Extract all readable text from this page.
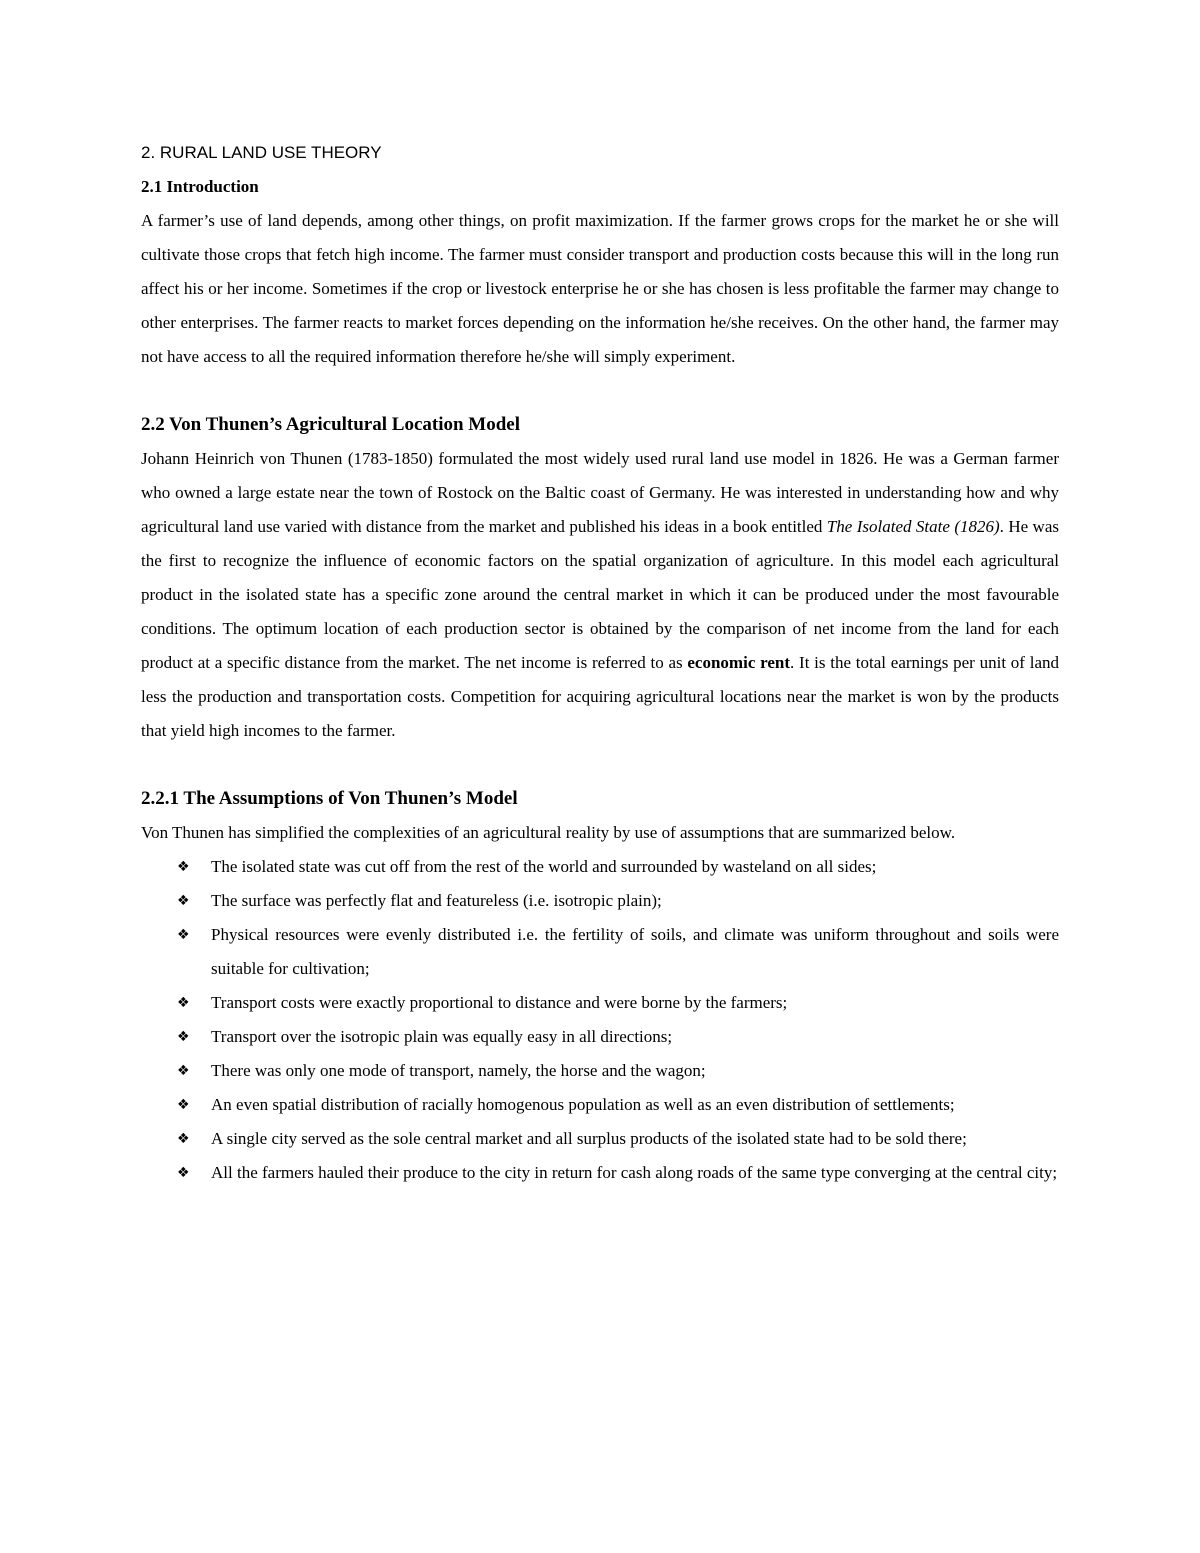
2. RURAL LAND USE THEORY

2.1 Introduction

A farmer’s use of land depends, among other things, on profit maximization. If the farmer grows crops for the market he or she will cultivate those crops that fetch high income. The farmer must consider transport and production costs because this will in the long run affect his or her income. Sometimes if the crop or livestock enterprise he or she has chosen is less profitable the farmer may change to other enterprises. The farmer reacts to market forces depending on the information he/she receives. On the other hand, the farmer may not have access to all the required information therefore he/she will simply experiment.

2.2 Von Thunen’s Agricultural Location Model

Johann Heinrich von Thunen (1783-1850) formulated the most widely used rural land use model in 1826. He was a German farmer who owned a large estate near the town of Rostock on the Baltic coast of Germany. He was interested in understanding how and why agricultural land use varied with distance from the market and published his ideas in a book entitled The Isolated State (1826). He was the first to recognize the influence of economic factors on the spatial organization of agriculture. In this model each agricultural product in the isolated state has a specific zone around the central market in which it can be produced under the most favourable conditions. The optimum location of each production sector is obtained by the comparison of net income from the land for each product at a specific distance from the market. The net income is referred to as economic rent. It is the total earnings per unit of land less the production and transportation costs. Competition for acquiring agricultural locations near the market is won by the products that yield high incomes to the farmer.

2.2.1 The Assumptions of Von Thunen’s Model

Von Thunen has simplified the complexities of an agricultural reality by use of assumptions that are summarized below.

❖ The isolated state was cut off from the rest of the world and surrounded by wasteland on all sides;
❖ The surface was perfectly flat and featureless (i.e. isotropic plain);
❖ Physical resources were evenly distributed i.e. the fertility of soils, and climate was uniform throughout and soils were suitable for cultivation;
❖ Transport costs were exactly proportional to distance and were borne by the farmers;
❖ Transport over the isotropic plain was equally easy in all directions;
❖ There was only one mode of transport, namely, the horse and the wagon;
❖ An even spatial distribution of racially homogenous population as well as an even distribution of settlements;
❖ A single city served as the sole central market and all surplus products of the isolated state had to be sold there;
❖ All the farmers hauled their produce to the city in return for cash along roads of the same type converging at the central city;
